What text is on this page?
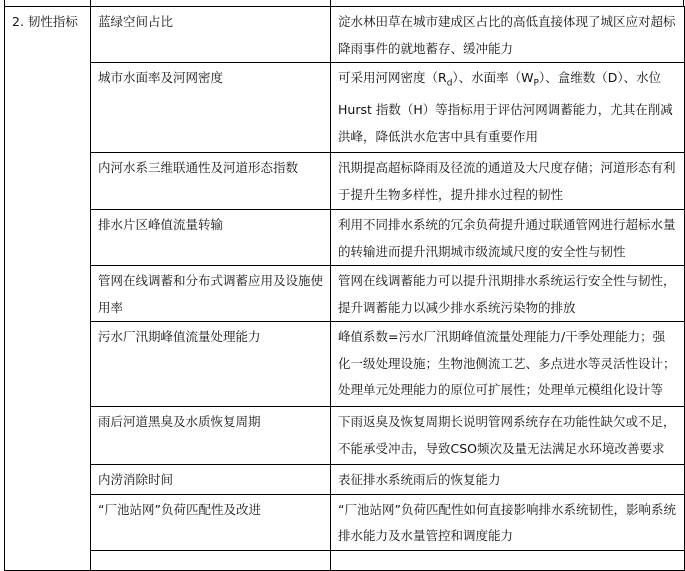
2. 韧性指标	蓝绿空间占比	淀水林田草在城市建成区占比的高低直接体现了城区应对超标降雨事件的就地蓄存、缓冲能力
	城市水面率及河网密度	可采用河网密度$(R_d)$、水面率$(W_P)$、盒维数（D）、水位Hurst 指数（H）等指标用于评估河网调蓄能力，尤其在削减洪峰，降低洪水危害中具有重要作用
	内河水系三维联通性及河道形态指数	汛期提高超标降雨及径流的通道及大尺度存储；河道形态有利于提升生物多样性，提升排水过程的韧性
	排水片区峰值流量转输	利用不同排水系统的冗余负荷提升通过联通管网进行超标水量的转输进而提升汛期城市级流域尺度的安全性与韧性
	管网在线调蓄和分布式调蓄应用及设施使用率	管网在线调蓄能力可以提升汛期排水系统运行安全性与韧性，提升调蓄能力以减少排水系统污染物的排放
	污水厂汛期峰值流量处理能力	峰值系数=污水厂汛期峰值流量处理能力/干季处理能力；强化一级处理设施；生物池侧流工艺、多点进水等灵活性设计；处理单元处理能力的原位可扩展性；处理单元模组化设计等
	雨后河道黑臭及水质恢复周期	下雨返臭及恢复周期长说明管网系统存在功能性缺欠或不足，不能承受冲击，导致CSO频次及量无法满足水环境改善要求
	内涝消除时间	表征排水系统雨后的恢复能力
	“厂池站网”负荷匹配性及改进	“厂池站网”负荷匹配性如何直接影响排水系统韧性，影响系统排水能力及水量管控和调度能力
